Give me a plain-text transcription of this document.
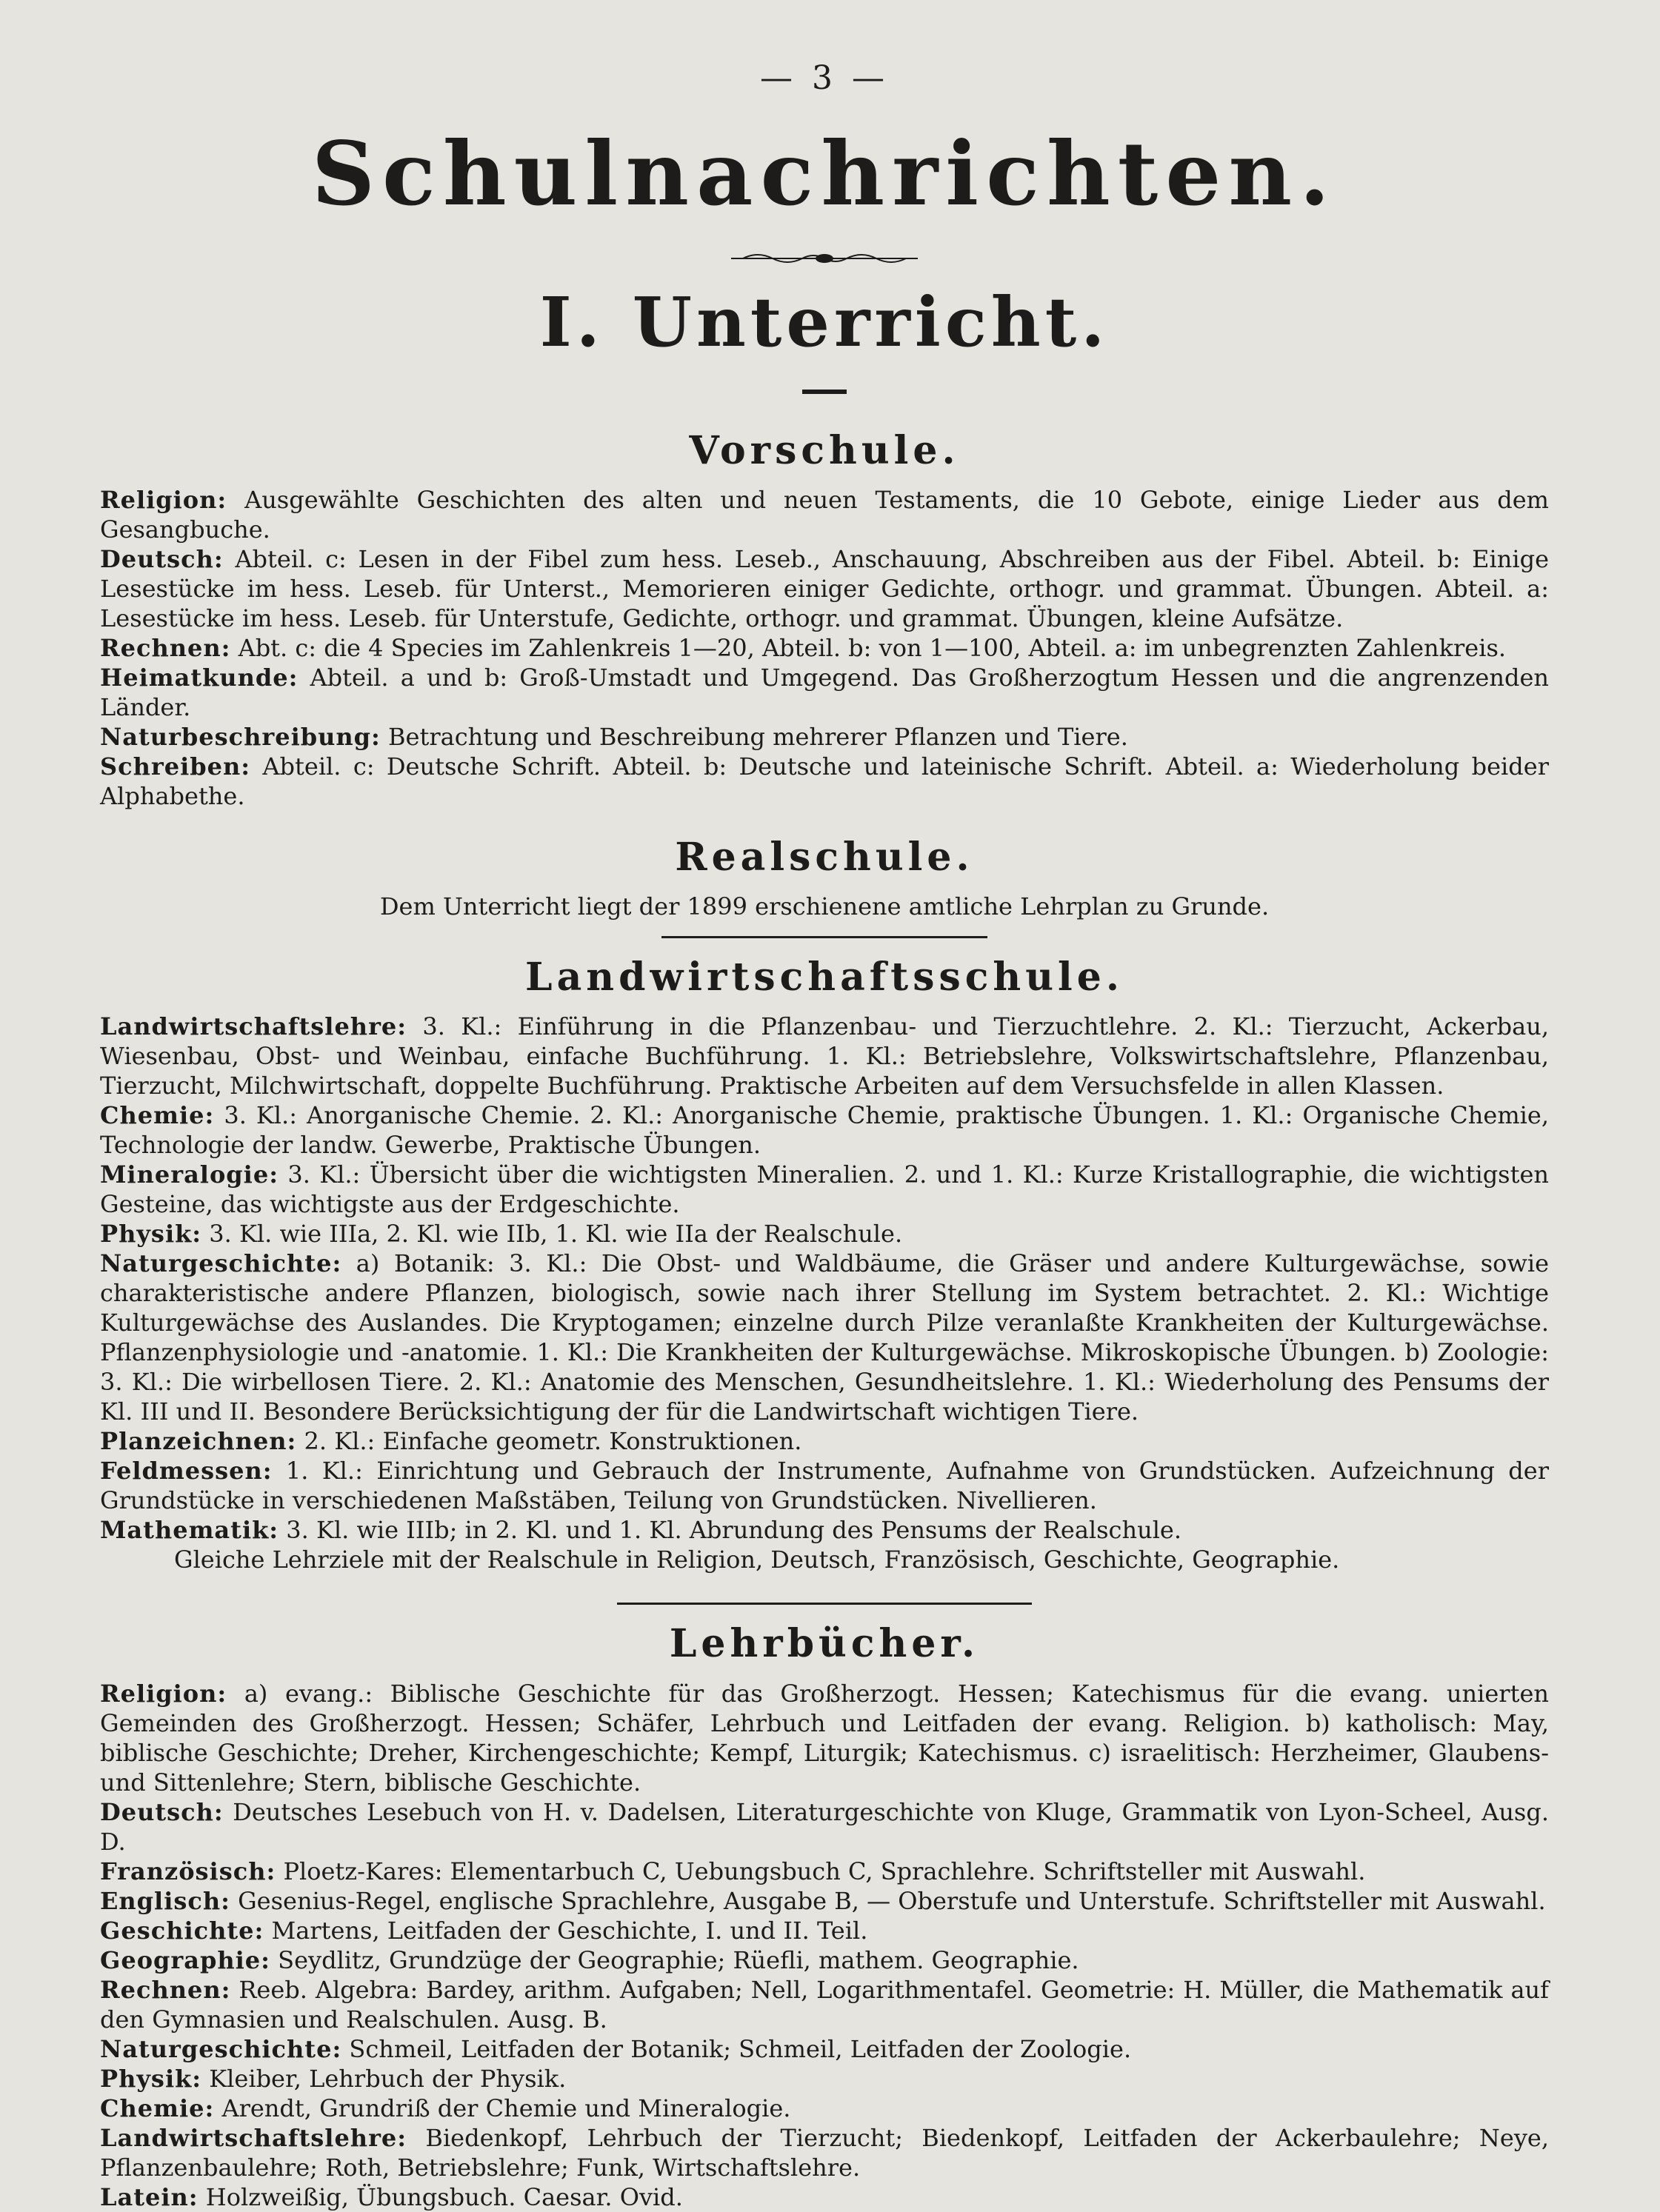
— 3 —
Schulnachrichten.
I. Unterricht.
Vorschule.

Religion: Ausgewählte Geschichten des alten und neuen Testaments, die 10 Gebote, einige Lieder aus dem Gesangbuche.

Deutsch: Abteil. c: Lesen in der Fibel zum hess. Leseb., Anschauung, Abschreiben aus der Fibel. Abteil. b: Einige Lesestücke im hess. Leseb. für Unterst., Memorieren einiger Gedichte, orthogr. und grammat. Übungen. Abteil. a: Lesestücke im hess. Leseb. für Unterstufe, Gedichte, orthogr. und grammat. Übungen, kleine Aufsätze.

Rechnen: Abt. c: die 4 Species im Zahlenkreis 1—20, Abteil. b: von 1—100, Abteil. a: im unbegrenzten Zahlenkreis.

Heimatkunde: Abteil. a und b: Groß-Umstadt und Umgegend. Das Großherzogtum Hessen und die angrenzenden Länder.

Naturbeschreibung: Betrachtung und Beschreibung mehrerer Pflanzen und Tiere.

Schreiben: Abteil. c: Deutsche Schrift. Abteil. b: Deutsche und lateinische Schrift. Abteil. a: Wiederholung beider Alphabethe.

Realschule.

Dem Unterricht liegt der 1899 erschienene amtliche Lehrplan zu Grunde.

Landwirtschaftsschule.

Landwirtschaftslehre: 3. Kl.: Einführung in die Pflanzenbau- und Tierzuchtlehre. 2. Kl.: Tierzucht, Ackerbau, Wiesenbau, Obst- und Weinbau, einfache Buchführung. 1. Kl.: Betriebslehre, Volkswirtschaftslehre, Pflanzenbau, Tierzucht, Milchwirtschaft, doppelte Buchführung. Praktische Arbeiten auf dem Versuchsfelde in allen Klassen.

Chemie: 3. Kl.: Anorganische Chemie. 2. Kl.: Anorganische Chemie, praktische Übungen. 1. Kl.: Organische Chemie, Technologie der landw. Gewerbe, Praktische Übungen.

Mineralogie: 3. Kl.: Übersicht über die wichtigsten Mineralien. 2. und 1. Kl.: Kurze Kristallographie, die wichtigsten Gesteine, das wichtigste aus der Erdgeschichte.

Physik: 3. Kl. wie IIIa, 2. Kl. wie IIb, 1. Kl. wie IIa der Realschule.

Naturgeschichte: a) Botanik: 3. Kl.: Die Obst- und Waldbäume, die Gräser und andere Kulturgewächse, sowie charakteristische andere Pflanzen, biologisch, sowie nach ihrer Stellung im System betrachtet. 2. Kl.: Wichtige Kulturgewächse des Auslandes. Die Kryptogamen; einzelne durch Pilze veranlaßte Krankheiten der Kulturgewächse. Pflanzenphysiologie und -anatomie. 1. Kl.: Die Krankheiten der Kulturgewächse. Mikroskopische Übungen. b) Zoologie: 3. Kl.: Die wirbellosen Tiere. 2. Kl.: Anatomie des Menschen, Gesundheitslehre. 1. Kl.: Wiederholung des Pensums der Kl. III und II. Besondere Berücksichtigung der für die Landwirtschaft wichtigen Tiere.

Planzeichnen: 2. Kl.: Einfache geometr. Konstruktionen.

Feldmessen: 1. Kl.: Einrichtung und Gebrauch der Instrumente, Aufnahme von Grundstücken. Aufzeichnung der Grundstücke in verschiedenen Maßstäben, Teilung von Grundstücken. Nivellieren.

Mathematik: 3. Kl. wie IIIb; in 2. Kl. und 1. Kl. Abrundung des Pensums der Realschule.

Gleiche Lehrziele mit der Realschule in Religion, Deutsch, Französisch, Geschichte, Geographie.

Lehrbücher.

Religion: a) evang.: Biblische Geschichte für das Großherzogt. Hessen; Katechismus für die evang. unierten Gemeinden des Großherzogt. Hessen; Schäfer, Lehrbuch und Leitfaden der evang. Religion. b) katholisch: May, biblische Geschichte; Dreher, Kirchengeschichte; Kempf, Liturgik; Katechismus. c) israelitisch: Herzheimer, Glaubens- und Sittenlehre; Stern, biblische Geschichte.

Deutsch: Deutsches Lesebuch von H. v. Dadelsen, Literaturgeschichte von Kluge, Grammatik von Lyon-Scheel, Ausg. D.

Französisch: Ploetz-Kares: Elementarbuch C, Uebungsbuch C, Sprachlehre. Schriftsteller mit Auswahl.

Englisch: Gesenius-Regel, englische Sprachlehre, Ausgabe B, — Oberstufe und Unterstufe. Schriftsteller mit Auswahl.

Geschichte: Martens, Leitfaden der Geschichte, I. und II. Teil.

Geographie: Seydlitz, Grundzüge der Geographie; Rüefli, mathem. Geographie.

Rechnen: Reeb. Algebra: Bardey, arithm. Aufgaben; Nell, Logarithmentafel. Geometrie: H. Müller, die Mathematik auf den Gymnasien und Realschulen. Ausg. B.

Naturgeschichte: Schmeil, Leitfaden der Botanik; Schmeil, Leitfaden der Zoologie.

Physik: Kleiber, Lehrbuch der Physik.

Chemie: Arendt, Grundriß der Chemie und Mineralogie.

Landwirtschaftslehre: Biedenkopf, Lehrbuch der Tierzucht; Biedenkopf, Leitfaden der Ackerbaulehre; Neye, Pflanzenbaulehre; Roth, Betriebslehre; Funk, Wirtschaftslehre.

Latein: Holzweißig, Übungsbuch. Caesar. Ovid.
